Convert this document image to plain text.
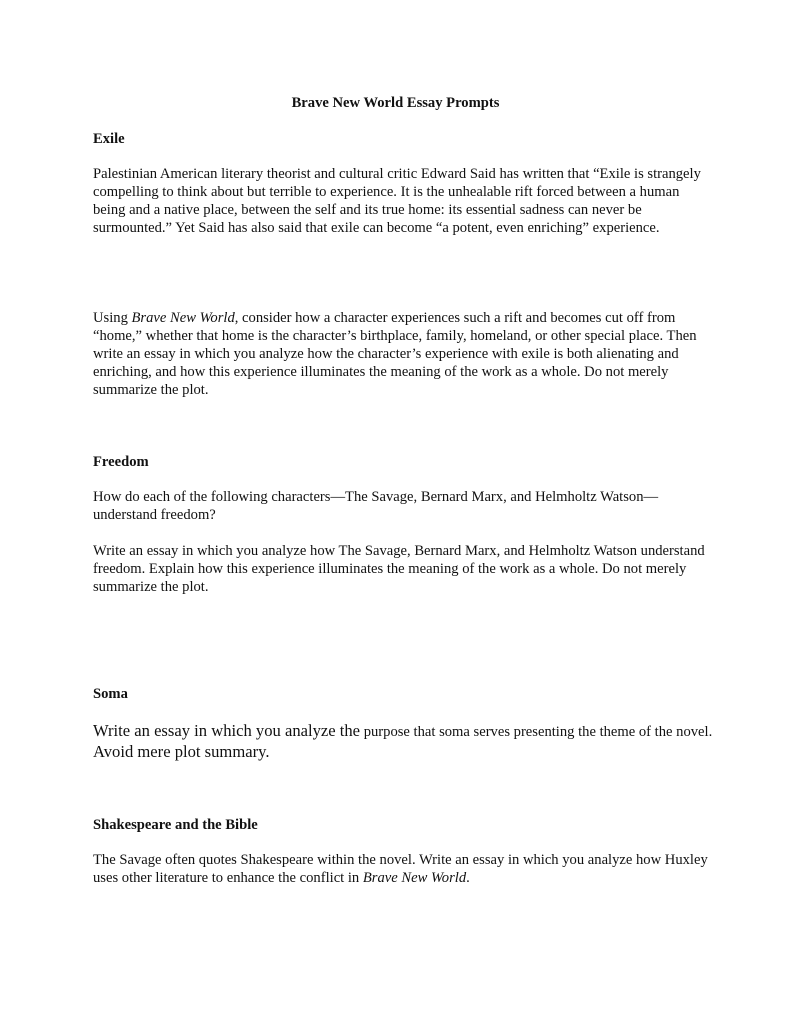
Brave New World Essay Prompts
Exile

Palestinian American literary theorist and cultural critic Edward Said has written that “Exile is strangely compelling to think about but terrible to experience. It is the unhealable rift forced between a human being and a native place, between the self and its true home: its essential sadness can never be surmounted.” Yet Said has also said that exile can become “a potent, even enriching” experience.

Using Brave New World, consider how a character experiences such a rift and becomes cut off from “home,” whether that home is the character’s birthplace, family, homeland, or other special place. Then write an essay in which you analyze how the character’s experience with exile is both alienating and enriching, and how this experience illuminates the meaning of the work as a whole. Do not merely summarize the plot.

Freedom

How do each of the following characters—The Savage, Bernard Marx, and Helmholtz Watson—understand freedom?

Write an essay in which you analyze how The Savage, Bernard Marx, and Helmholtz Watson understand freedom. Explain how this experience illuminates the meaning of the work as a whole. Do not merely summarize the plot.

Soma

Write an essay in which you analyze the purpose that soma serves presenting the theme of the novel. Avoid mere plot summary.

Shakespeare and the Bible

The Savage often quotes Shakespeare within the novel. Write an essay in which you analyze how Huxley uses other literature to enhance the conflict in Brave New World.
